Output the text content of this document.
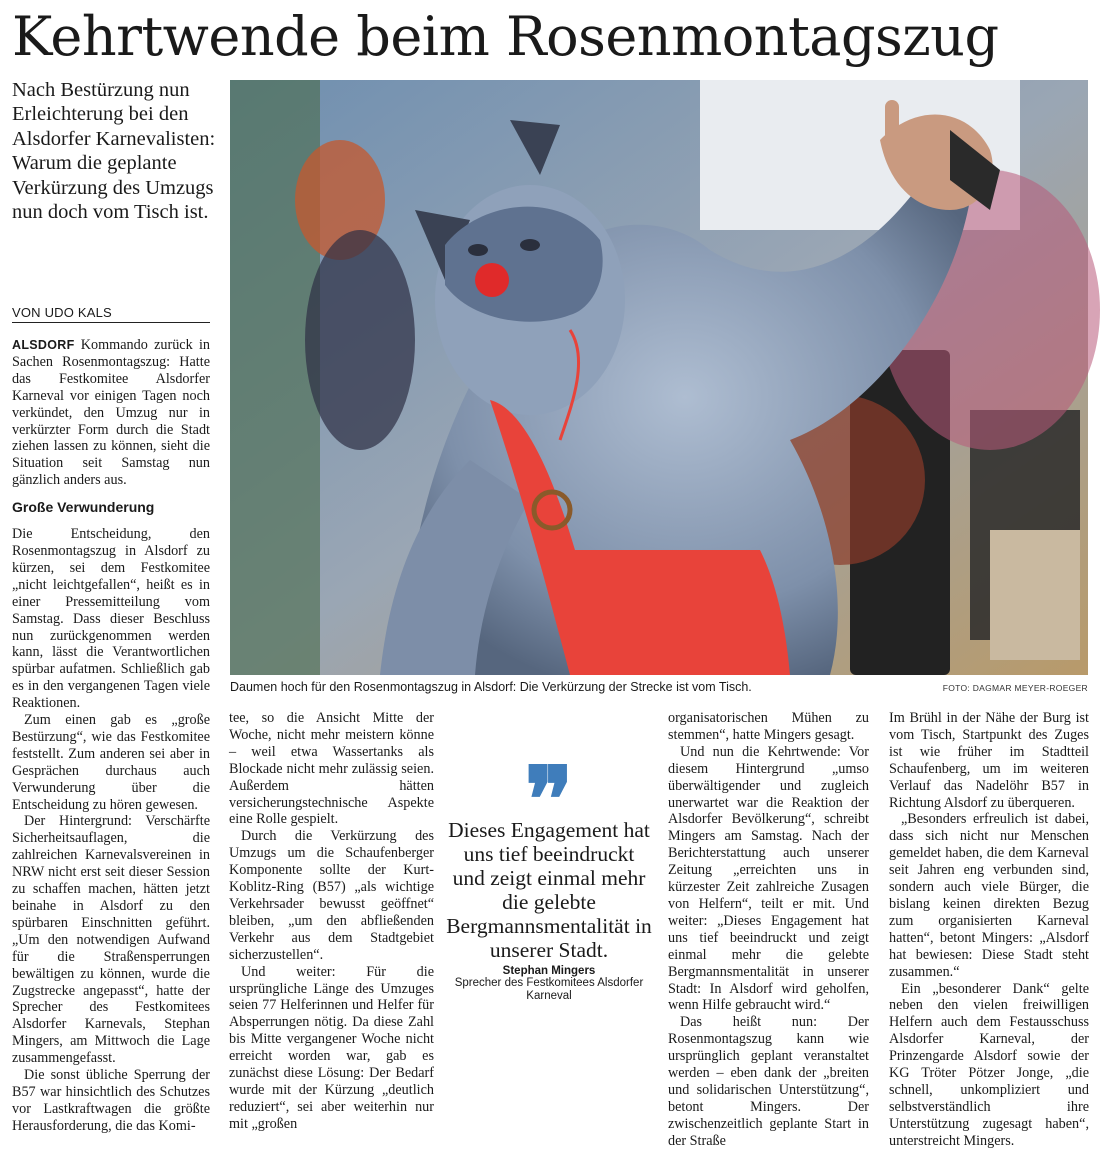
Kehrtwende beim Rosenmontagszug

Nach Bestürzung nun Erleichterung bei den Alsdorfer Karnevalisten: Warum die geplante Verkürzung des Umzugs nun doch vom Tisch ist.

VON UDO KALS

ALSDORF Kommando zurück in Sachen Rosenmontagszug: Hatte das Festkomitee Alsdorfer Karneval vor einigen Tagen noch verkündet, den Umzug nur in verkürzter Form durch die Stadt ziehen lassen zu können, sieht die Situation seit Samstag nun gänzlich anders aus.

Große Verwunderung

Die Entscheidung, den Rosenmontagszug in Alsdorf zu kürzen, sei dem Festkomitee „nicht leichtgefallen“, heißt es in einer Pressemitteilung vom Samstag. Dass dieser Beschluss nun zurückgenommen werden kann, lässt die Verantwortlichen spürbar aufatmen. Schließlich gab es in den vergangenen Tagen viele Reaktionen.

Zum einen gab es „große Bestürzung“, wie das Festkomitee feststellt. Zum anderen sei aber in Gesprächen durchaus auch Verwunderung über die Entscheidung zu hören gewesen.

Der Hintergrund: Verschärfte Sicherheitsauflagen, die zahlreichen Karnevalsvereinen in NRW nicht erst seit dieser Session zu schaffen machen, hätten jetzt beinahe in Alsdorf zu den spürbaren Einschnitten geführt. „Um den notwendigen Aufwand für die Straßensperrungen bewältigen zu können, wurde die Zugstrecke angepasst“, hatte der Sprecher des Festkomitees Alsdorfer Karnevals, Stephan Mingers, am Mittwoch die Lage zusammengefasst.

Die sonst übliche Sperrung der B57 war hinsichtlich des Schutzes vor Lastkraftwagen die größte Herausforderung, die das Komi-

Daumen hoch für den Rosenmontagszug in Alsdorf: Die Verkürzung der Strecke ist vom Tisch.	FOTO: DAGMAR MEYER-ROEGER

tee, so die Ansicht Mitte der Woche, nicht mehr meistern könne – weil etwa Wassertanks als Blockade nicht mehr zulässig seien. Außerdem hätten versicherungstechnische Aspekte eine Rolle gespielt.

Durch die Verkürzung des Umzugs um die Schaufenberger Komponente sollte der Kurt-Koblitz-Ring (B57) „als wichtige Verkehrsader bewusst geöffnet“ bleiben, „um den abfließenden Verkehr aus dem Stadtgebiet sicherzustellen“.

Und weiter: Für die ursprüngliche Länge des Umzuges seien 77 Helferinnen und Helfer für Absperrungen nötig. Da diese Zahl bis Mitte vergangener Woche nicht erreicht worden war, gab es zunächst diese Lösung: Der Bedarf wurde mit der Kürzung „deutlich reduziert“, sei aber weiterhin nur mit „großen

❞
Dieses Engagement hat uns tief beeindruckt und zeigt einmal mehr die gelebte Bergmannsmentalität in unserer Stadt.
Stephan Mingers
Sprecher des Festkomitees Alsdorfer Karneval

organisatorischen Mühen zu stemmen“, hatte Mingers gesagt.

Und nun die Kehrtwende: Vor diesem Hintergrund „umso überwältigender und zugleich unerwartet war die Reaktion der Alsdorfer Bevölkerung“, schreibt Mingers am Samstag. Nach der Berichterstattung auch unserer Zeitung „erreichten uns in kürzester Zeit zahlreiche Zusagen von Helfern“, teilt er mit. Und weiter: „Dieses Engagement hat uns tief beeindruckt und zeigt einmal mehr die gelebte Bergmannsmentalität in unserer Stadt: In Alsdorf wird geholfen, wenn Hilfe gebraucht wird.“

Das heißt nun: Der Rosenmontagszug kann wie ursprünglich geplant veranstaltet werden – eben dank der „breiten und solidarischen Unterstützung“, betont Mingers. Der zwischenzeitlich geplante Start in der Straße

Im Brühl in der Nähe der Burg ist vom Tisch, Startpunkt des Zuges ist wie früher im Stadtteil Schaufenberg, um im weiteren Verlauf das Nadelöhr B57 in Richtung Alsdorf zu überqueren.

„Besonders erfreulich ist dabei, dass sich nicht nur Menschen gemeldet haben, die dem Karneval seit Jahren eng verbunden sind, sondern auch viele Bürger, die bislang keinen direkten Bezug zum organisierten Karneval hatten“, betont Mingers: „Alsdorf hat bewiesen: Diese Stadt steht zusammen.“

Ein „besonderer Dank“ gelte neben den vielen freiwilligen Helfern auch dem Festausschuss Alsdorfer Karneval, der Prinzengarde Alsdorf sowie der KG Tröter Pötzer Jonge, „die schnell, unkompliziert und selbstverständlich ihre Unterstützung zugesagt haben“, unterstreicht Mingers.
